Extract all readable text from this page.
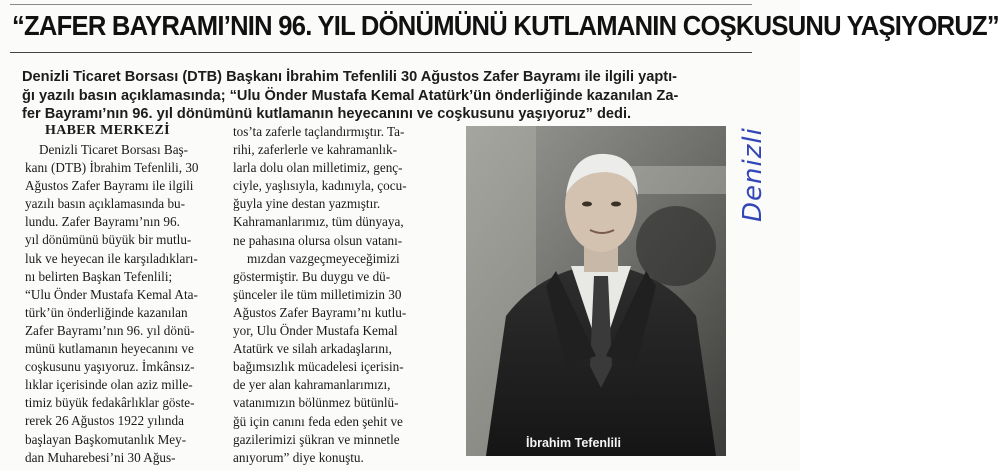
“ZAFER BAYRAMI’NIN 96. YIL DÖNÜMÜNÜ KUTLAMANIN COŞKUSUNU YAŞIYORUZ”
Denizli Ticaret Borsası (DTB) Başkanı İbrahim Tefenlili 30 Ağustos Zafer Bayramı ile ilgili yaptı-
ğı yazılı basın açıklamasında; “Ulu Önder Mustafa Kemal Atatürk’ün önderliğinde kazanılan Za-
fer Bayramı’nın 96. yıl dönümünü kutlamanın heyecanını ve coşkusunu yaşıyoruz” dedi.
HABER MERKEZİ
Denizli Ticaret Borsası Baş-
kanı (DTB) İbrahim Tefenlili, 30
Ağustos Zafer Bayramı ile ilgili
yazılı basın açıklamasında bu-
lundu. Zafer Bayramı’nın 96.
yıl dönümünü büyük bir mutlu-
luk ve heyecan ile karşıladıkları-
nı belirten Başkan Tefenlili;
“Ulu Önder Mustafa Kemal Ata-
türk’ün önderliğinde kazanılan
Zafer Bayramı’nın 96. yıl dönü-
münü kutlamanın heyecanını ve
coşkusunu yaşıyoruz. İmkânsız-
lıklar içerisinde olan aziz mille-
timiz büyük fedakârlıklar göste-
rerek 26 Ağustos 1922 yılında
başlayan Başkomutanlık Mey-
dan Muharebesi’ni 30 Ağus-
tos’ta zaferle taçlandırmıştır. Ta-
rihi, zaferlerle ve kahramanlık-
larla dolu olan milletimiz, genç-
ciyle, yaşlısıyla, kadınıyla, çocu-
ğuyla yine destan yazmıştır.
Kahramanlarımız, tüm dünyaya,
ne pahasına olursa olsun vatanı-
mızdan vazgeçmeyeceğimizi
göstermiştir. Bu duygu ve dü-
şünceler ile tüm milletimizin 30
Ağustos Zafer Bayramı’nı kutlu-
yor, Ulu Önder Mustafa Kemal
Atatürk ve silah arkadaşlarını,
bağımsızlık mücadelesi içerisin-
de yer alan kahramanlarımızı,
vatanımızın bölünmez bütünlü-
ğü için canını feda eden şehit ve
gazilerimizi şükran ve minnetle
anıyorum” diye konuştu.
İbrahim Tefenlili
Denizli
